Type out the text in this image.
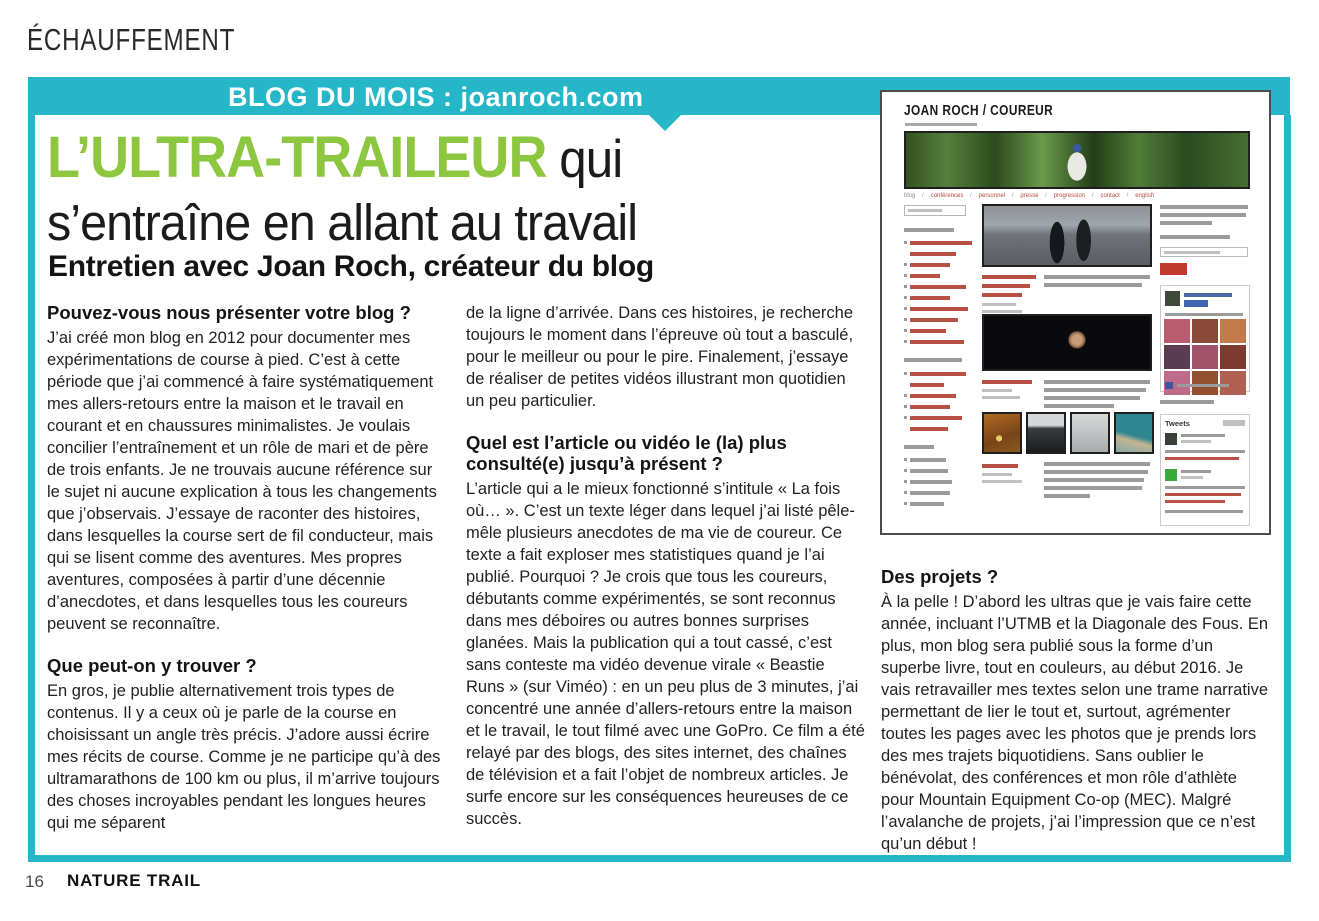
ÉCHAUFFEMENT
BLOG DU MOIS : joanroch.com
L’ULTRA-TRAILEUR qui
s’entraîne en allant au travail
Entretien avec Joan Roch, créateur du blog
Pouvez-vous nous présenter votre blog ?

J’ai créé mon blog en 2012 pour documenter mes expérimentations de course à pied. C’est à cette période que j’ai commencé à faire systématiquement mes allers-retours entre la maison et le travail en courant et en chaussures minimalistes. Je voulais concilier l’entraînement et un rôle de mari et de père de trois enfants. Je ne trouvais aucune référence sur le sujet ni aucune explication à tous les changements que j’observais. J’essaye de raconter des histoires, dans lesquelles la course sert de fil conducteur, mais qui se lisent comme des aventures. Mes propres aventures, composées à partir d’une décennie d’anecdotes, et dans lesquelles tous les coureurs peuvent se reconnaître.

Que peut-on y trouver ?

En gros, je publie alternativement trois types de contenus. Il y a ceux où je parle de la course en choisissant un angle très précis. J’adore aussi écrire mes récits de course. Comme je ne participe qu’à des ultramarathons de 100 km ou plus, il m’arrive toujours des choses incroyables pendant les longues heures qui me séparent

de la ligne d’arrivée. Dans ces histoires, je recherche toujours le moment dans l’épreuve où tout a basculé, pour le meilleur ou pour le pire. Finalement, j’essaye de réaliser de petites vidéos illustrant mon quotidien un peu particulier.

Quel est l’article ou vidéo le (la) plus consulté(e) jusqu’à présent ?

L’article qui a le mieux fonctionné s’intitule « La fois où… ». C’est un texte léger dans lequel j’ai listé pêle-mêle plusieurs anecdotes de ma vie de coureur. Ce texte a fait exploser mes statistiques quand je l’ai publié. Pourquoi ? Je crois que tous les coureurs, débutants comme expérimentés, se sont reconnus dans mes déboires ou autres bonnes surprises glanées. Mais la publication qui a tout cassé, c’est sans conteste ma vidéo devenue virale « Beastie Runs » (sur Viméo) : en un peu plus de 3 minutes, j’ai concentré une année d’allers-retours entre la maison et le travail, le tout filmé avec une GoPro. Ce film a été relayé par des blogs, des sites internet, des chaînes de télévision et a fait l’objet de nombreux articles. Je surfe encore sur les conséquences heureuses de ce succès.

Des projets ?

À la pelle ! D’abord les ultras que je vais faire cette année, incluant l’UTMB et la Diagonale des Fous. En plus, mon blog sera publié sous la forme d’un superbe livre, tout en couleurs, au début 2016. Je vais retravailler mes textes selon une trame narrative permettant de lier le tout et, surtout, agrémenter toutes les pages avec les photos que je prends lors des mes trajets biquotidiens. Sans oublier le bénévolat, des conférences et mon rôle d’athlète pour Mountain Equipment Co-op (MEC). Malgré l’avalanche de projets, j’ai l’impression que ce n’est qu’un début !

16 NATURE TRAIL
JOAN ROCH / COUREUR
blog /	conférences /	personnel /	presse /	progression /	contact /	english
Tweets
